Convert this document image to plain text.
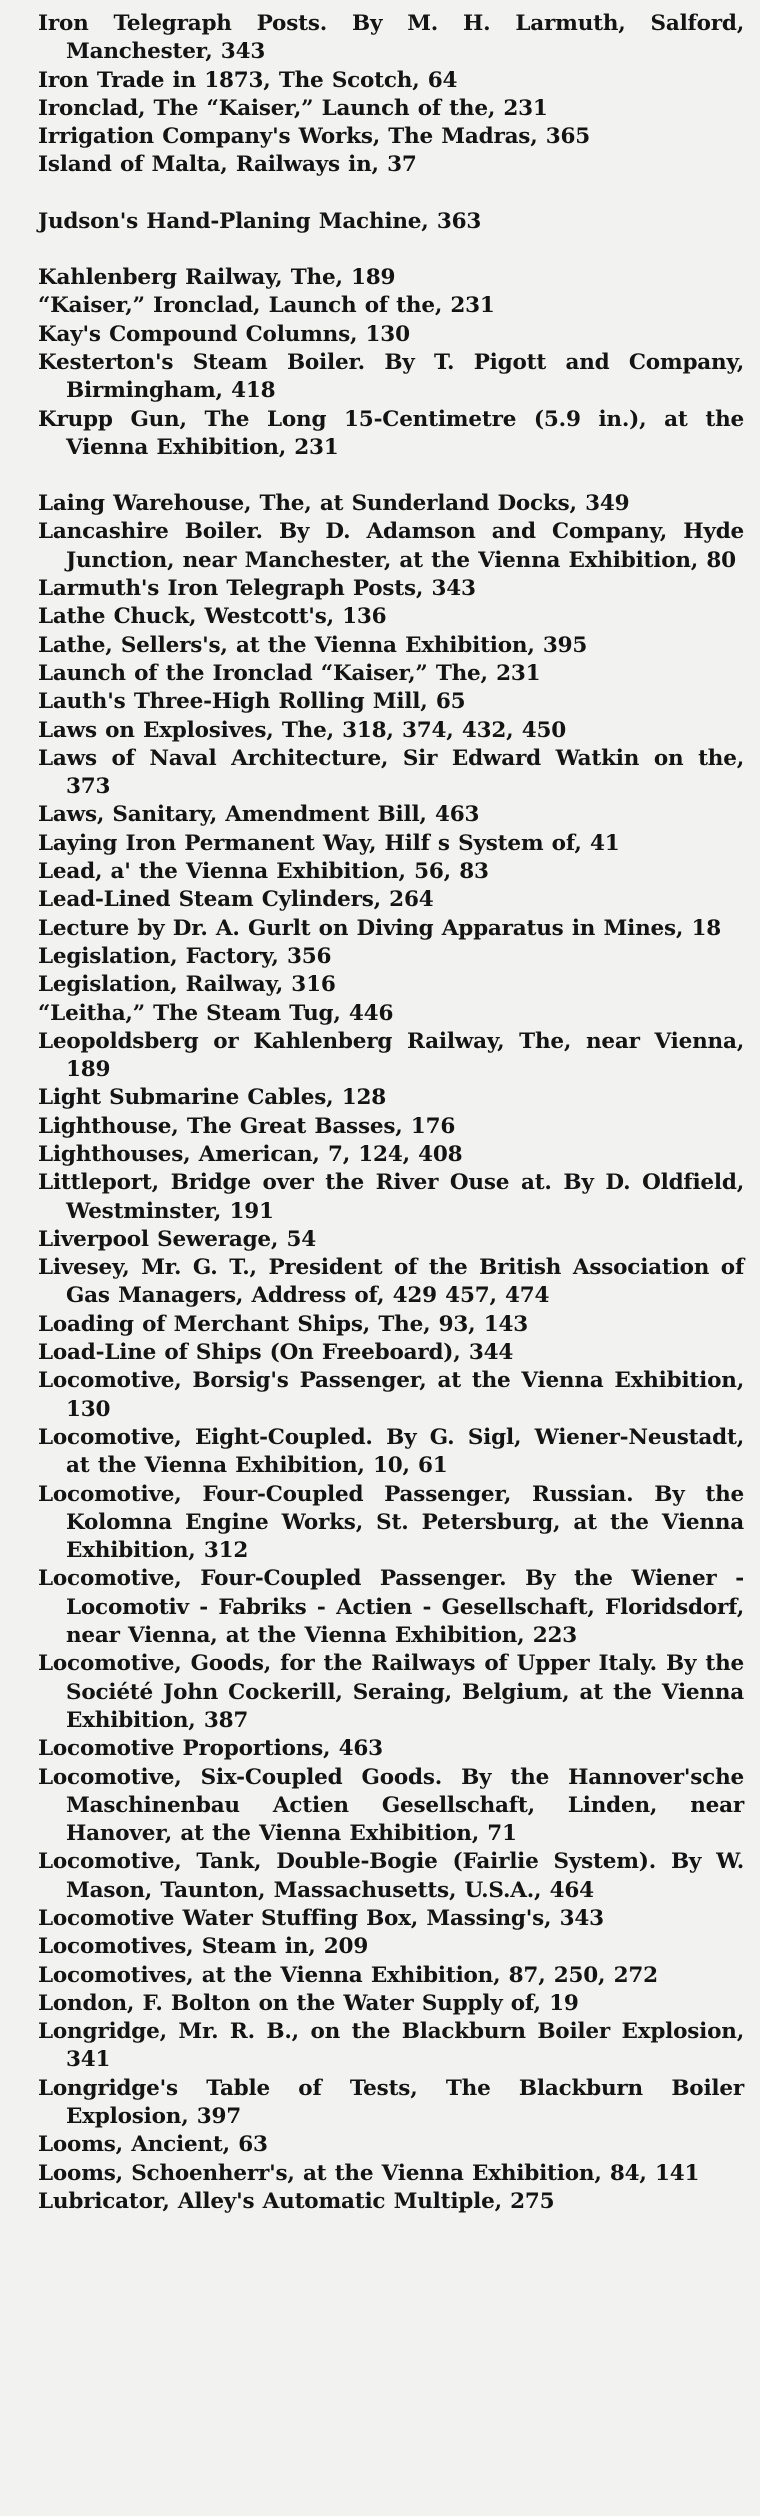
Iron Telegraph Posts. By M. H. Larmuth, Salford, Manchester, 343

Iron Trade in 1873, The Scotch, 64

Ironclad, The “Kaiser,” Launch of the, 231

Irrigation Company's Works, The Madras, 365

Island of Malta, Railways in, 37

Judson's Hand-Planing Machine, 363

Kahlenberg Railway, The, 189

“Kaiser,” Ironclad, Launch of the, 231

Kay's Compound Columns, 130

Kesterton's Steam Boiler. By T. Pigott and Company, Birmingham, 418

Krupp Gun, The Long 15-Centimetre (5.9 in.), at the Vienna Exhibition, 231

Laing Warehouse, The, at Sunderland Docks, 349

Lancashire Boiler. By D. Adamson and Company, Hyde Junction, near Manchester, at the Vienna Exhibition, 80

Larmuth's Iron Telegraph Posts, 343

Lathe Chuck, Westcott's, 136

Lathe, Sellers's, at the Vienna Exhibition, 395

Launch of the Ironclad “Kaiser,” The, 231

Lauth's Three-High Rolling Mill, 65

Laws on Explosives, The, 318, 374, 432, 450

Laws of Naval Architecture, Sir Edward Watkin on the, 373

Laws, Sanitary, Amendment Bill, 463

Laying Iron Permanent Way, Hilf s System of, 41

Lead, a' the Vienna Exhibition, 56, 83

Lead-Lined Steam Cylinders, 264

Lecture by Dr. A. Gurlt on Diving Apparatus in Mines, 18

Legislation, Factory, 356

Legislation, Railway, 316

“Leitha,” The Steam Tug, 446

Leopoldsberg or Kahlenberg Railway, The, near Vienna, 189

Light Submarine Cables, 128

Lighthouse, The Great Basses, 176

Lighthouses, American, 7, 124, 408

Littleport, Bridge over the River Ouse at. By D. Oldfield, Westminster, 191

Liverpool Sewerage, 54

Livesey, Mr. G. T., President of the British Association of Gas Managers, Address of, 429 457, 474

Loading of Merchant Ships, The, 93, 143

Load-Line of Ships (On Freeboard), 344

Locomotive, Borsig's Passenger, at the Vienna Exhibition, 130

Locomotive, Eight-Coupled. By G. Sigl, Wiener-Neustadt, at the Vienna Exhibition, 10, 61

Locomotive, Four-Coupled Passenger, Russian. By the Kolomna Engine Works, St. Petersburg, at the Vienna Exhibition, 312

Locomotive, Four-Coupled Passenger. By the Wiener - Locomotiv - Fabriks - Actien - Gesellschaft, Floridsdorf, near Vienna, at the Vienna Exhibition, 223

Locomotive, Goods, for the Railways of Upper Italy. By the Société John Cockerill, Seraing, Belgium, at the Vienna Exhibition, 387

Locomotive Proportions, 463

Locomotive, Six-Coupled Goods. By the Hannover'sche Maschinenbau Actien Gesellschaft, Linden, near Hanover, at the Vienna Exhibition, 71

Locomotive, Tank, Double-Bogie (Fairlie System). By W. Mason, Taunton, Massachusetts, U.S.A., 464

Locomotive Water Stuffing Box, Massing's, 343

Locomotives, Steam in, 209

Locomotives, at the Vienna Exhibition, 87, 250, 272

London, F. Bolton on the Water Supply of, 19

Longridge, Mr. R. B., on the Blackburn Boiler Explosion, 341

Longridge's Table of Tests, The Blackburn Boiler Explosion, 397

Looms, Ancient, 63

Looms, Schoenherr's, at the Vienna Exhibition, 84, 141

Lubricator, Alley's Automatic Multiple, 275
